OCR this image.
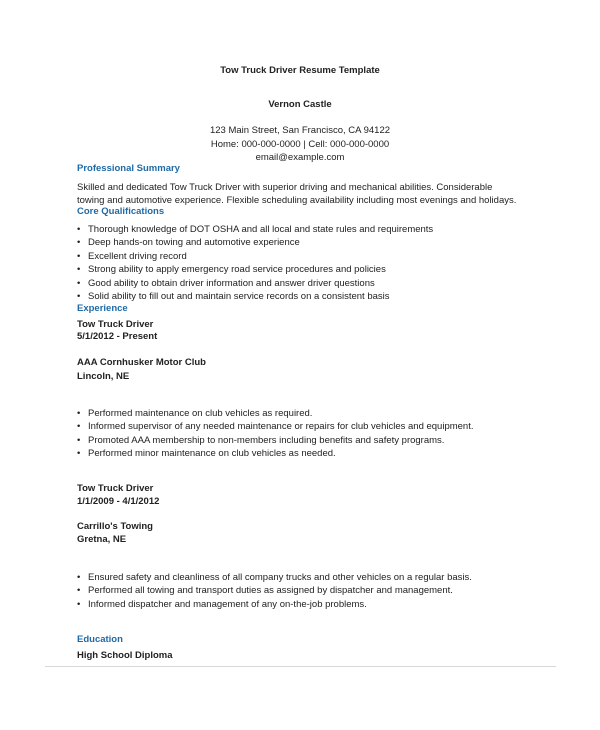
Tow Truck Driver Resume Template
Vernon Castle
123 Main Street, San Francisco, CA 94122
Home: 000-000-0000 | Cell: 000-000-0000
email@example.com
Professional Summary
Skilled and dedicated Tow Truck Driver with superior driving and mechanical abilities. Considerable towing and automotive experience. Flexible scheduling availability including most evenings and holidays.
Core Qualifications
• Thorough knowledge of DOT OSHA and all local and state rules and requirements
• Deep hands-on towing and automotive experience
• Excellent driving record
• Strong ability to apply emergency road service procedures and policies
• Good ability to obtain driver information and answer driver questions
• Solid ability to fill out and maintain service records on a consistent basis
Experience
Tow Truck Driver
5/1/2012 - Present
AAA Cornhusker Motor Club
Lincoln, NE
• Performed maintenance on club vehicles as required.
• Informed supervisor of any needed maintenance or repairs for club vehicles and equipment.
• Promoted AAA membership to non-members including benefits and safety programs.
• Performed minor maintenance on club vehicles as needed.
Tow Truck Driver
1/1/2009 - 4/1/2012
Carrillo's Towing
Gretna, NE
• Ensured safety and cleanliness of all company trucks and other vehicles on a regular basis.
• Performed all towing and transport duties as assigned by dispatcher and management.
• Informed dispatcher and management of any on-the-job problems.
Education
High School Diploma
